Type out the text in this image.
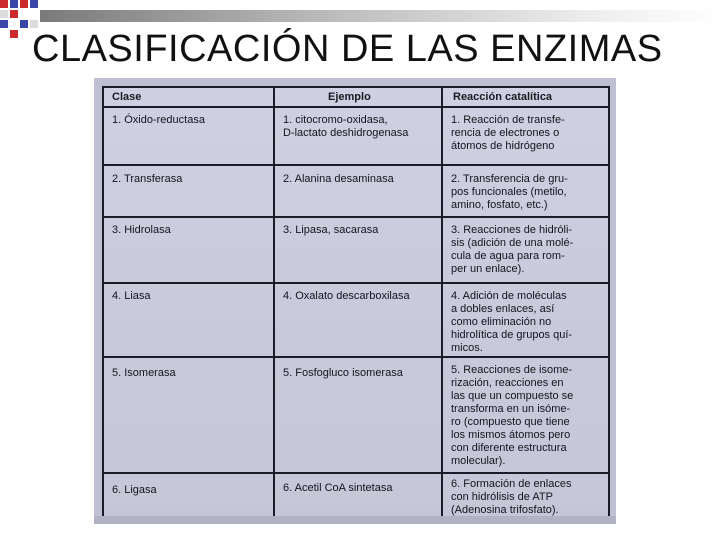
CLASIFICACIÓN DE LAS ENZIMAS
Clase	Ejemplo	Reacción catalítica
1. Óxido-reductasa	1. citocromo-oxidasa,
D-lactato deshidrogenasa
1. Reacción de transfe-
rencia de electrones o
átomos de hidrógeno
2. Transferasa	2. Alanina desaminasa	2. Transferencia de gru-
pos funcionales (metilo,
amino, fosfato, etc.)
3. Hidrolasa	3. Lipasa, sacarasa	3. Reacciones de hidróli-
sis (adición de una molé-
cula de agua para rom-
per un enlace).
4. Liasa	4. Oxalato descarboxilasa	4. Adición de moléculas
a dobles enlaces, así
como eliminación no
hidrolítica de grupos quí-
micos.
5. Isomerasa	5. Fosfogluco isomerasa	5. Reacciones de isome-
rización, reacciones en
las que un compuesto se
transforma en un isóme-
ro (compuesto que tiene
los mismos átomos pero
con diferente estructura
molecular).
6. Ligasa	6. Acetil CoA sintetasa	6. Formación de enlaces
con hidrólisis de ATP
(Adenosina trifosfato).
